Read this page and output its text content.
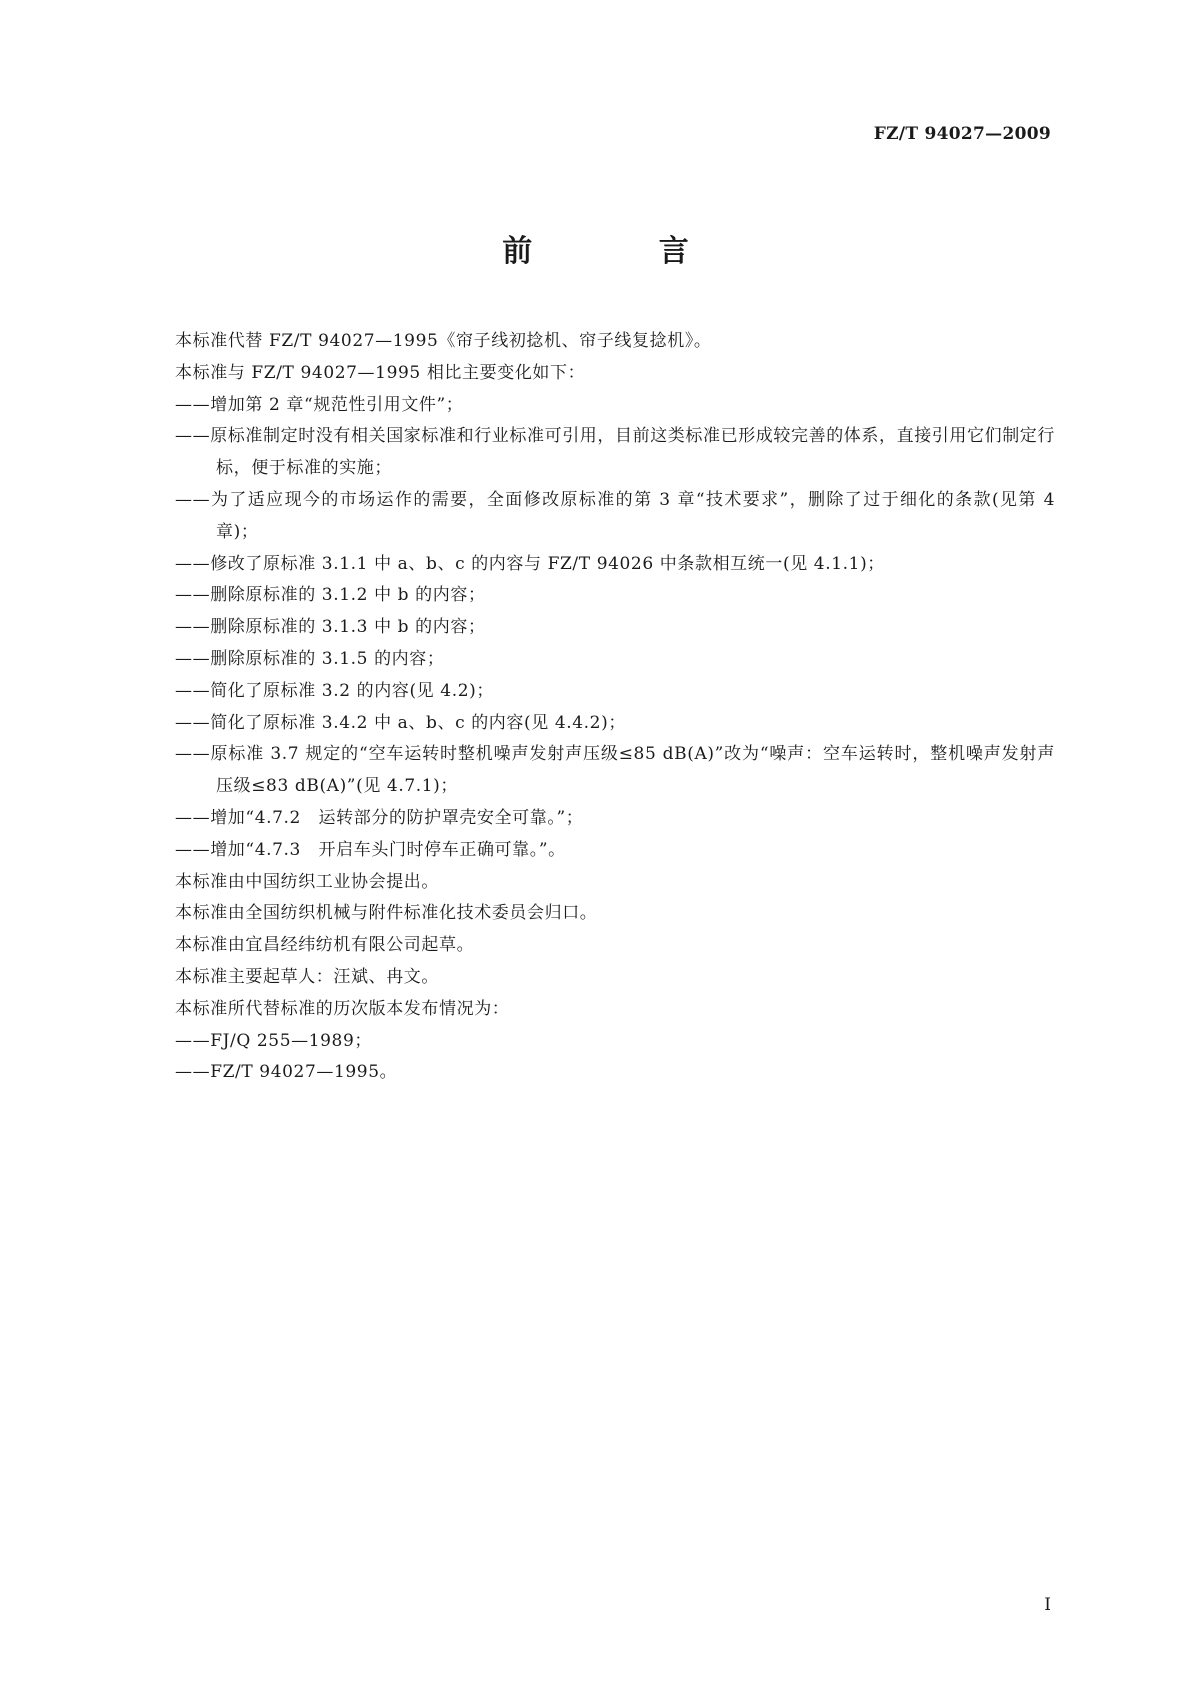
FZ/T 94027—2009
前 言

本标准代替 FZ/T 94027—1995《帘子线初捻机、帘子线复捻机》。

本标准与 FZ/T 94027—1995 相比主要变化如下：

——增加第 2 章“规范性引用文件”；
——原标准制定时没有相关国家标准和行业标准可引用，目前这类标准已形成较完善的体系，直接引用它们制定行标，便于标准的实施；
——为了适应现今的市场运作的需要，全面修改原标准的第 3 章“技术要求”，删除了过于细化的条款(见第 4 章)；
——修改了原标准 3.1.1 中 a、b、c 的内容与 FZ/T 94026 中条款相互统一(见 4.1.1)；
——删除原标准的 3.1.2 中 b 的内容；
——删除原标准的 3.1.3 中 b 的内容；
——删除原标准的 3.1.5 的内容；
——简化了原标准 3.2 的内容(见 4.2)；
——简化了原标准 3.4.2 中 a、b、c 的内容(见 4.4.2)；
——原标准 3.7 规定的“空车运转时整机噪声发射声压级≤85 dB(A)”改为“噪声：空车运转时，整机噪声发射声压级≤83 dB(A)”(见 4.7.1)；
——增加“4.7.2　运转部分的防护罩壳安全可靠。”；
——增加“4.7.3　开启车头门时停车正确可靠。”。

本标准由中国纺织工业协会提出。

本标准由全国纺织机械与附件标准化技术委员会归口。

本标准由宜昌经纬纺机有限公司起草。

本标准主要起草人：汪斌、冉文。

本标准所代替标准的历次版本发布情况为：

——FJ/Q 255—1989；
——FZ/T 94027—1995。
I
